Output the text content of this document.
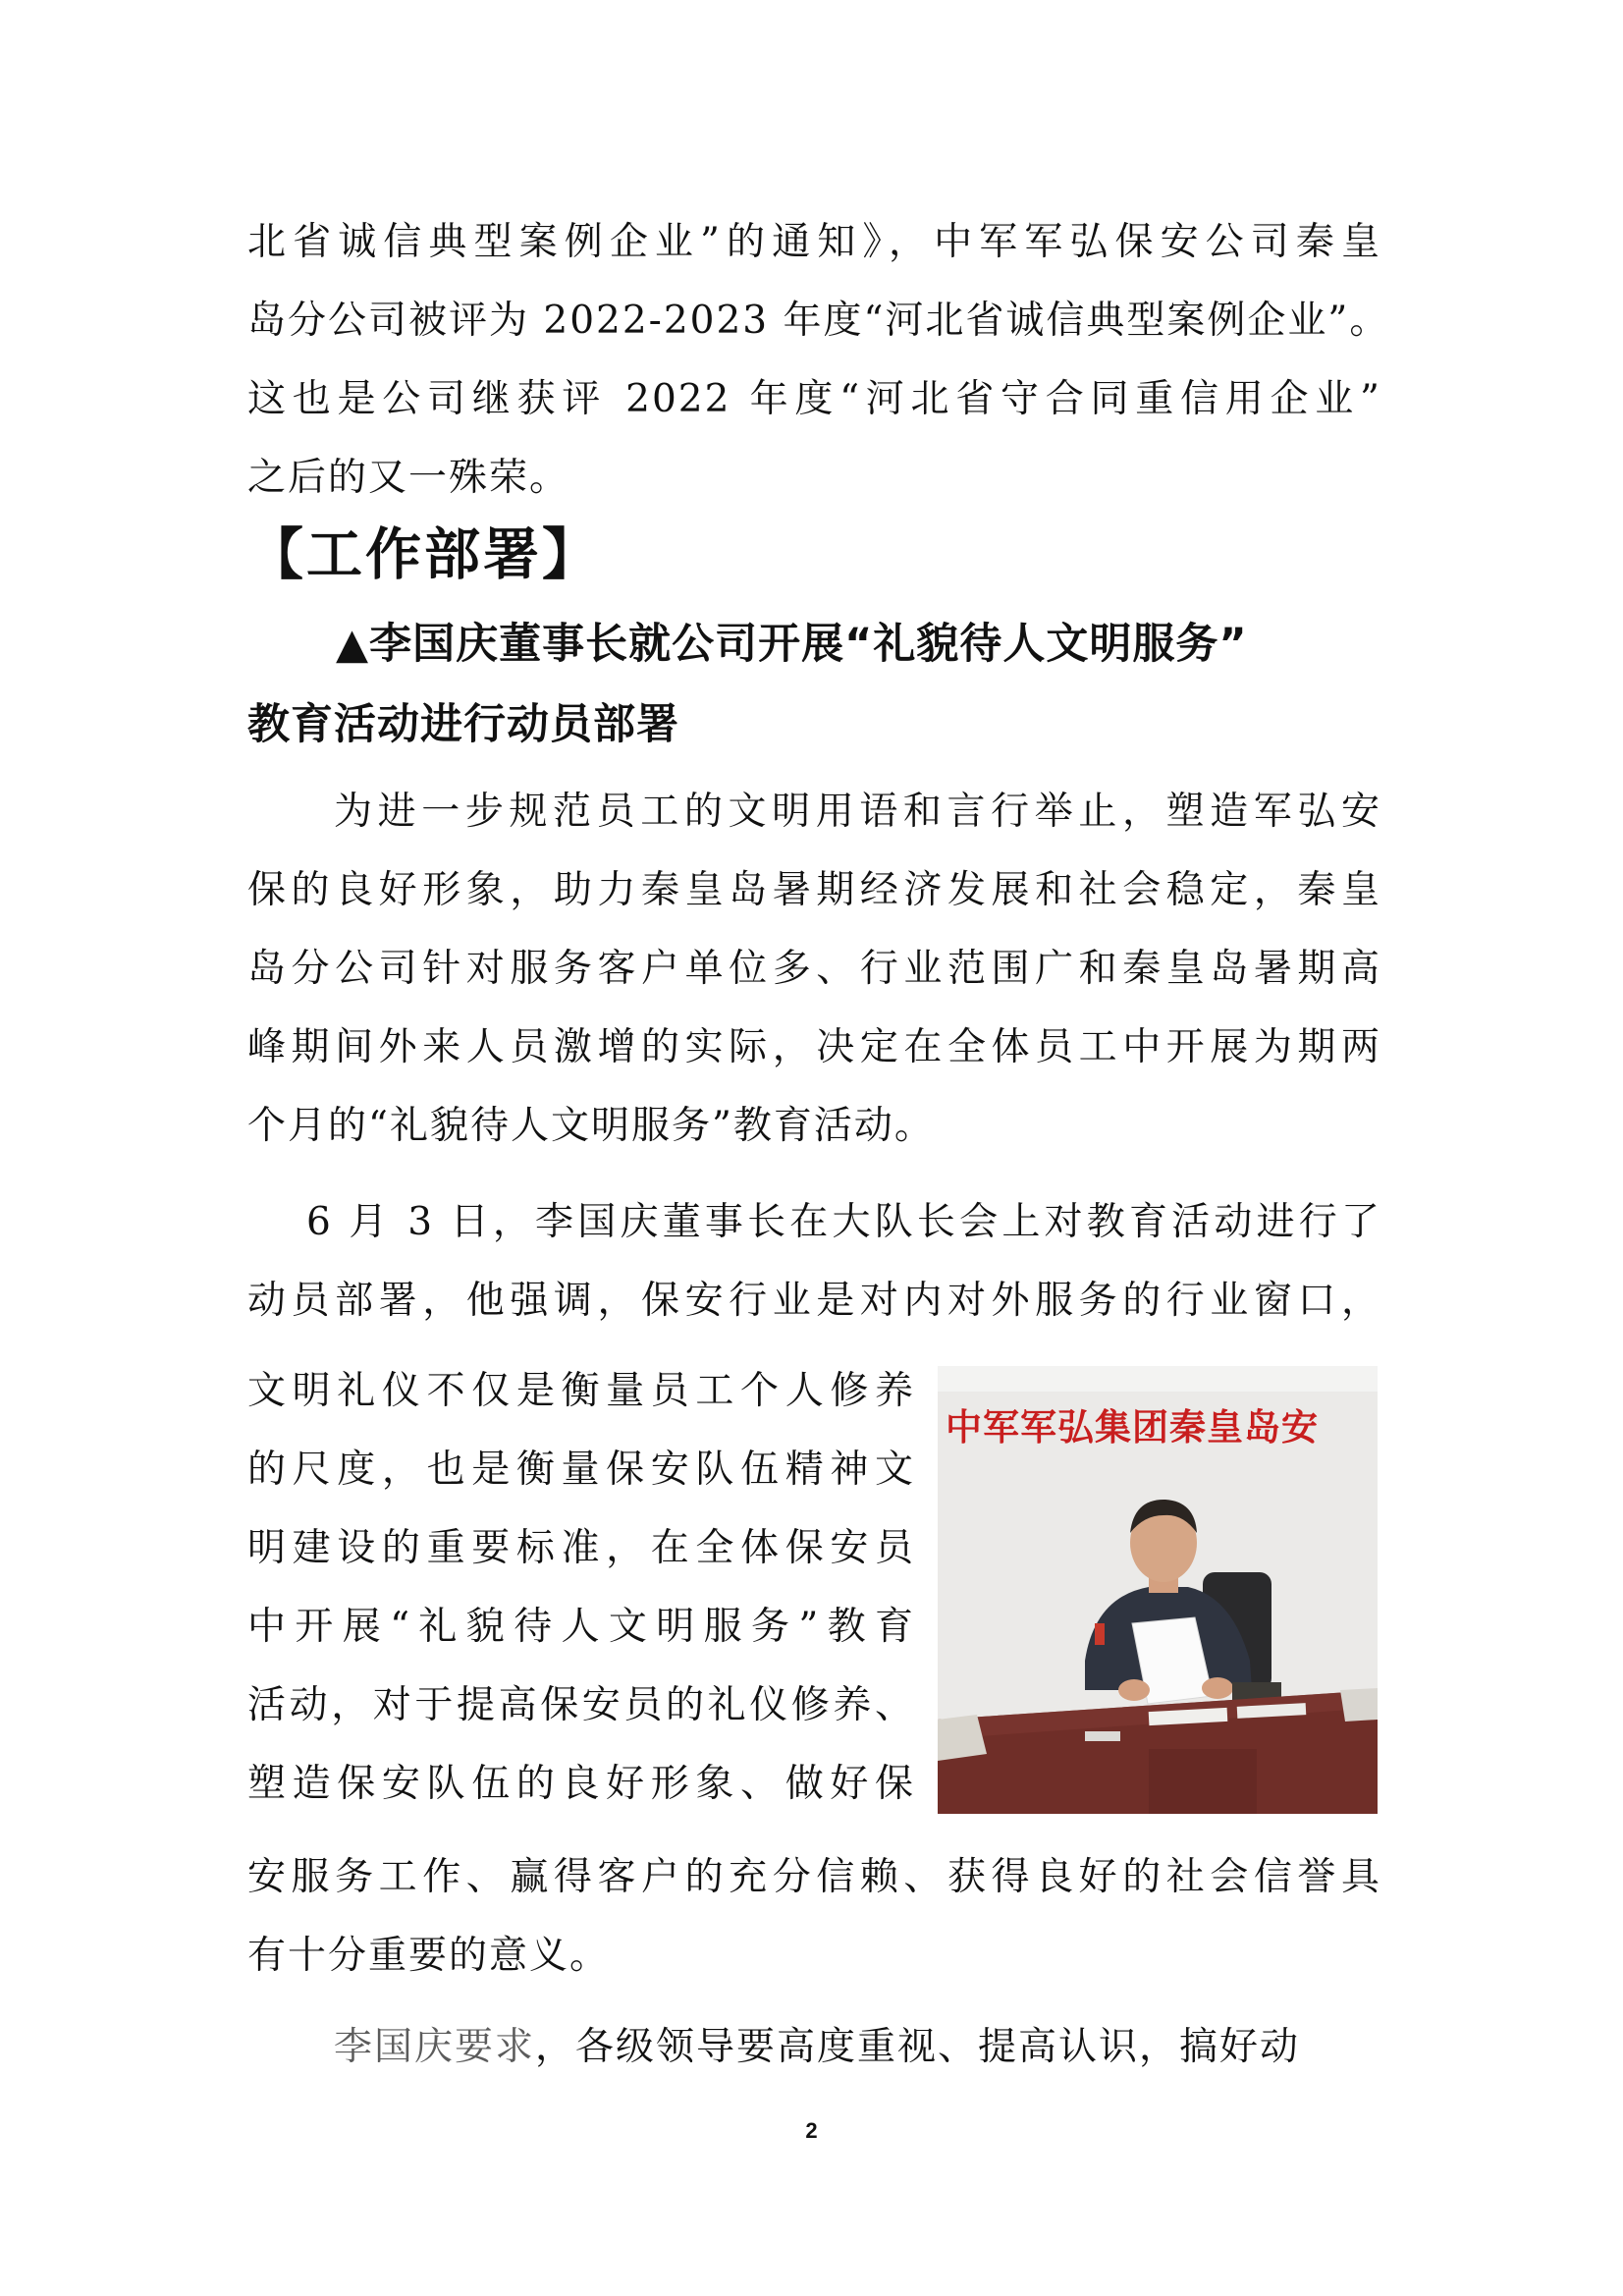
北省诚信典型案例企业”的通知》，中军军弘保安公司秦皇
岛分公司被评为 2022-2023 年度“河北省诚信典型案例企业”。
这也是公司继获评 2022 年度“河北省守合同重信用企业”
之后的又一殊荣。
【工作部署】
▲李国庆董事长就公司开展“礼貌待人文明服务”
教育活动进行动员部署
为进一步规范员工的文明用语和言行举止，塑造军弘安
保的良好形象，助力秦皇岛暑期经济发展和社会稳定，秦皇
岛分公司针对服务客户单位多、行业范围广和秦皇岛暑期高
峰期间外来人员激增的实际，决定在全体员工中开展为期两
个月的“礼貌待人文明服务”教育活动。
6 月 3 日，李国庆董事长在大队长会上对教育活动进行了
动员部署，他强调，保安行业是对内对外服务的行业窗口，
文明礼仪不仅是衡量员工个人修养
的尺度，也是衡量保安队伍精神文
明建设的重要标准，在全体保安员
中开展“礼貌待人文明服务”教育
活动，对于提高保安员的礼仪修养、
塑造保安队伍的良好形象、做好保
安服务工作、赢得客户的充分信赖、获得良好的社会信誉具
有十分重要的意义。
李国庆要求，各级领导要高度重视、提高认识，搞好动
中军军弘集团秦皇岛安
2
